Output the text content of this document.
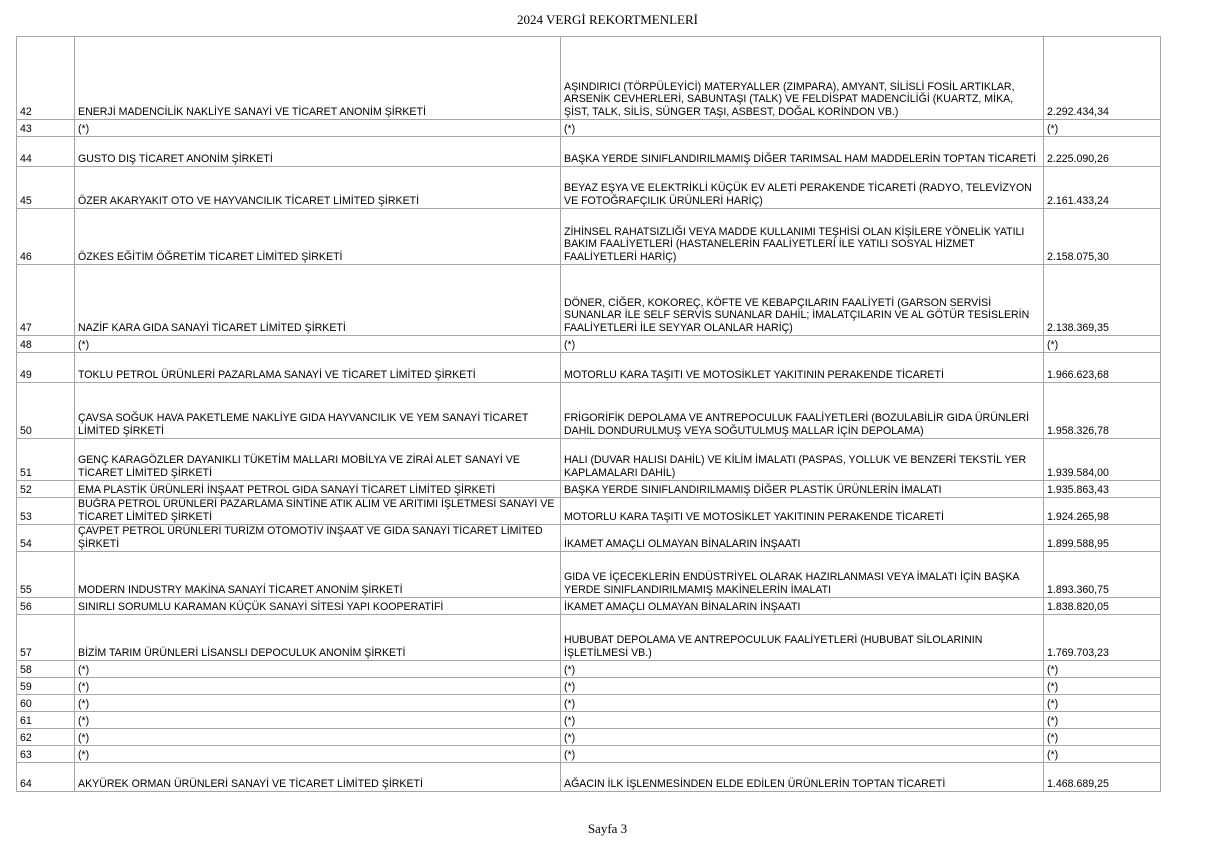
2024 VERGİ REKORTMENLERİ
42	ENERJİ MADENCİLİK NAKLİYE SANAYİ VE TİCARET ANONİM ŞİRKETİ	AŞINDIRICI (TÖRPÜLEYİCİ) MATERYALLER (ZIMPARA), AMYANT, SİLİSLİ FOSİL ARTIKLAR, ARSENİK CEVHERLERİ, SABUNTAŞI (TALK) VE FELDİSPAT MADENCİLİĞİ (KUARTZ, MİKA, ŞİST, TALK, SİLİS, SÜNGER TAŞI, ASBEST, DOĞAL KORİNDON VB.)	2.292.434,34
43	(*)	(*)	(*)
44	GUSTO DIŞ TİCARET ANONİM ŞİRKETİ	BAŞKA YERDE SINIFLANDIRILMAMIŞ DİĞER TARIMSAL HAM MADDELERİN TOPTAN TİCARETİ	2.225.090,26
45	ÖZER AKARYAKIT OTO VE HAYVANCILIK TİCARET LİMİTED ŞİRKETİ	BEYAZ EŞYA VE ELEKTRİKLİ KÜÇÜK EV ALETİ PERAKENDE TİCARETİ (RADYO, TELEVİZYON VE FOTOĞRAFÇILIK ÜRÜNLERİ HARİÇ)	2.161.433,24
46	ÖZKES EĞİTİM ÖĞRETİM TİCARET LİMİTED ŞİRKETİ	ZİHİNSEL RAHATSIZLIĞI VEYA MADDE KULLANIMI TEŞHİSİ OLAN KİŞİLERE YÖNELİK YATILI BAKIM FAALİYETLERİ (HASTANELERİN FAALİYETLERİ İLE YATILI SOSYAL HİZMET FAALİYETLERİ HARİÇ)	2.158.075,30
47	NAZİF KARA GIDA SANAYİ TİCARET LİMİTED ŞİRKETİ	DÖNER, CİĞER, KOKOREÇ, KÖFTE VE KEBAPÇILARIN FAALİYETİ (GARSON SERVİSİ SUNANLAR İLE SELF SERVİS SUNANLAR DAHİL; İMALATÇILARIN VE AL GÖTÜR TESİSLERİN FAALİYETLERİ İLE SEYYAR OLANLAR HARİÇ)	2.138.369,35
48	(*)	(*)	(*)
49	TOKLU PETROL ÜRÜNLERİ PAZARLAMA SANAYİ VE TİCARET LİMİTED ŞİRKETİ	MOTORLU KARA TAŞITI VE MOTOSİKLET YAKITININ PERAKENDE TİCARETİ	1.966.623,68
50	ÇAVSA SOĞUK HAVA PAKETLEME NAKLİYE GIDA HAYVANCILIK VE YEM SANAYİ TİCARET LİMİTED ŞİRKETİ	FRİGORİFİK DEPOLAMA VE ANTREPOCULUK FAALİYETLERİ (BOZULABİLİR GIDA ÜRÜNLERİ DAHİL DONDURULMUŞ VEYA SOĞUTULMUŞ MALLAR İÇİN DEPOLAMA)	1.958.326,78
51	GENÇ KARAGÖZLER DAYANIKLI TÜKETİM MALLARI MOBİLYA VE ZİRAİ ALET SANAYİ VE TİCARET LİMİTED ŞİRKETİ	HALI (DUVAR HALISI DAHİL) VE KİLİM İMALATI (PASPAS, YOLLUK VE BENZERİ TEKSTİL YER KAPLAMALARI DAHİL)	1.939.584,00
52	EMA PLASTİK ÜRÜNLERİ İNŞAAT PETROL GIDA SANAYİ TİCARET LİMİTED ŞİRKETİ	BAŞKA YERDE SINIFLANDIRILMAMIŞ DİĞER PLASTİK ÜRÜNLERİN İMALATI	1.935.863,43
53	BUĞRA PETROL ÜRÜNLERİ PAZARLAMA SİNTİNE ATIK ALIM VE ARITIMI İŞLETMESİ SANAYİ VE TİCARET LİMİTED ŞİRKETİ	MOTORLU KARA TAŞITI VE MOTOSİKLET YAKITININ PERAKENDE TİCARETİ	1.924.265,98
54	ÇAVPET PETROL ÜRÜNLERİ TURİZM OTOMOTİV İNŞAAT VE GIDA SANAYİ TİCARET LİMİTED ŞİRKETİ	İKAMET AMAÇLI OLMAYAN BİNALARIN İNŞAATI	1.899.588,95
55	MODERN INDUSTRY MAKİNA SANAYİ TİCARET ANONİM ŞİRKETİ	GIDA VE İÇECEKLERİN ENDÜSTRİYEL OLARAK HAZIRLANMASI VEYA İMALATI İÇİN BAŞKA YERDE SINIFLANDIRILMAMIŞ MAKİNELERİN İMALATI	1.893.360,75
56	SINIRLI SORUMLU KARAMAN KÜÇÜK SANAYİ SİTESİ YAPI KOOPERATİFİ	İKAMET AMAÇLI OLMAYAN BİNALARIN İNŞAATI	1.838.820,05
57	BİZİM TARIM ÜRÜNLERİ LİSANSLI DEPOCULUK ANONİM ŞİRKETİ	HUBUBAT DEPOLAMA VE ANTREPOCULUK FAALİYETLERİ (HUBUBAT SİLOLARININ İŞLETİLMESİ VB.)	1.769.703,23
58	(*)	(*)	(*)
59	(*)	(*)	(*)
60	(*)	(*)	(*)
61	(*)	(*)	(*)
62	(*)	(*)	(*)
63	(*)	(*)	(*)
64	AKYÜREK ORMAN ÜRÜNLERİ SANAYİ VE TİCARET LİMİTED ŞİRKETİ	AĞACIN İLK İŞLENMESİNDEN ELDE EDİLEN ÜRÜNLERİN TOPTAN TİCARETİ	1.468.689,25
Sayfa 3
